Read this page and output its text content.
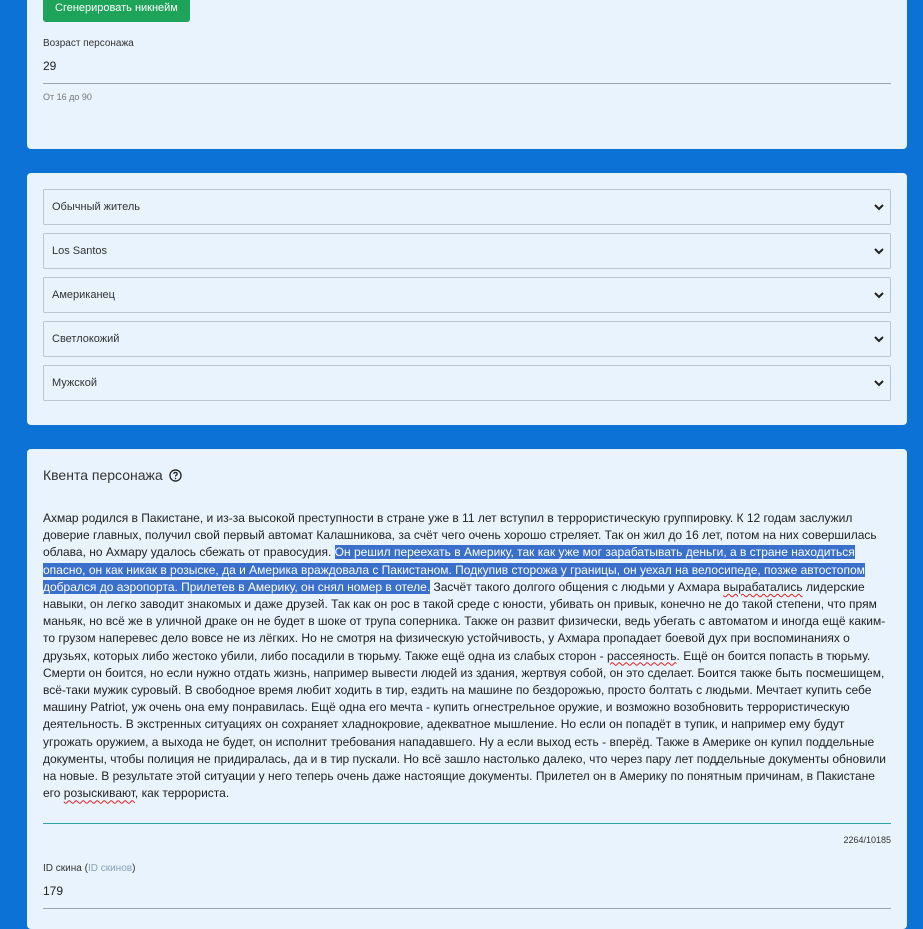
Сгенерировать никнейм
Возраст персонажа
29
От 16 до 90
Обычный житель
Los Santos
Американец
Светлокожий
Мужской
Квента персонажа
Ахмар родился в Пакистане, и из-за высокой преступности в стране уже в 11 лет вступил в террористическую группировку. К 12 годам заслужил доверие главных, получил свой первый автомат Калашникова, за счёт чего очень хорошо стреляет. Так он жил до 16 лет, потом на них совершилась облава, но Ахмару удалось сбежать от правосудия. Он решил переехать в Америку, так как уже мог зарабатывать деньги, а в стране находиться опасно, он как никак в розыске, да и Америка враждовала с Пакистаном. Подкупив сторожа у границы, он уехал на велосипеде, позже автостопом добрался до аэропорта. Прилетев в Америку, он снял номер в отеле. Засчёт такого долгого общения с людьми у Ахмара вырабатались лидерские навыки, он легко заводит знакомых и даже друзей. Так как он рос в такой среде с юности, убивать он привык, конечно не до такой степени, что прям маньяк, но всё же в уличной драке он не будет в шоке от трупа соперника. Также он развит физически, ведь убегать с автоматом и иногда ещё каким-то грузом наперевес дело вовсе не из лёгких. Но не смотря на физическую устойчивость, у Ахмара пропадает боевой дух при воспоминаниях о друзьях, которых либо жестоко убили, либо посадили в тюрьму. Также ещё одна из слабых сторон - рассеяность. Ещё он боится попасть в тюрьму. Смерти он боится, но если нужно отдать жизнь, например вывести людей из здания, жертвуя собой, он это сделает. Боится также быть посмешищем, всё-таки мужик суровый. В свободное время любит ходить в тир, ездить на машине по бездорожью, просто болтать с людьми. Мечтает купить себе машину Patriot, уж очень она ему понравилась. Ещё одна его мечта - купить огнестрельное оружие, и возможно возобновить террористическую деятельность. В экстренных ситуациях он сохраняет хладнокровие, адекватное мышление. Но если он попадёт в тупик, и например ему будут угрожать оружием, а выхода не будет, он исполнит требования нападавшего. Ну а если выход есть - вперёд. Также в Америке он купил поддельные документы, чтобы полиция не придиралась, да и в тир пускали. Но всё зашло настолько далеко, что через пару лет поддельные документы обновили на новые. В результате этой ситуации у него теперь очень даже настоящие документы. Прилетел он в Америку по понятным причинам, в Пакистане его розыскивают, как террориста.
2264/10185
ID скина (ID скинов)
179
